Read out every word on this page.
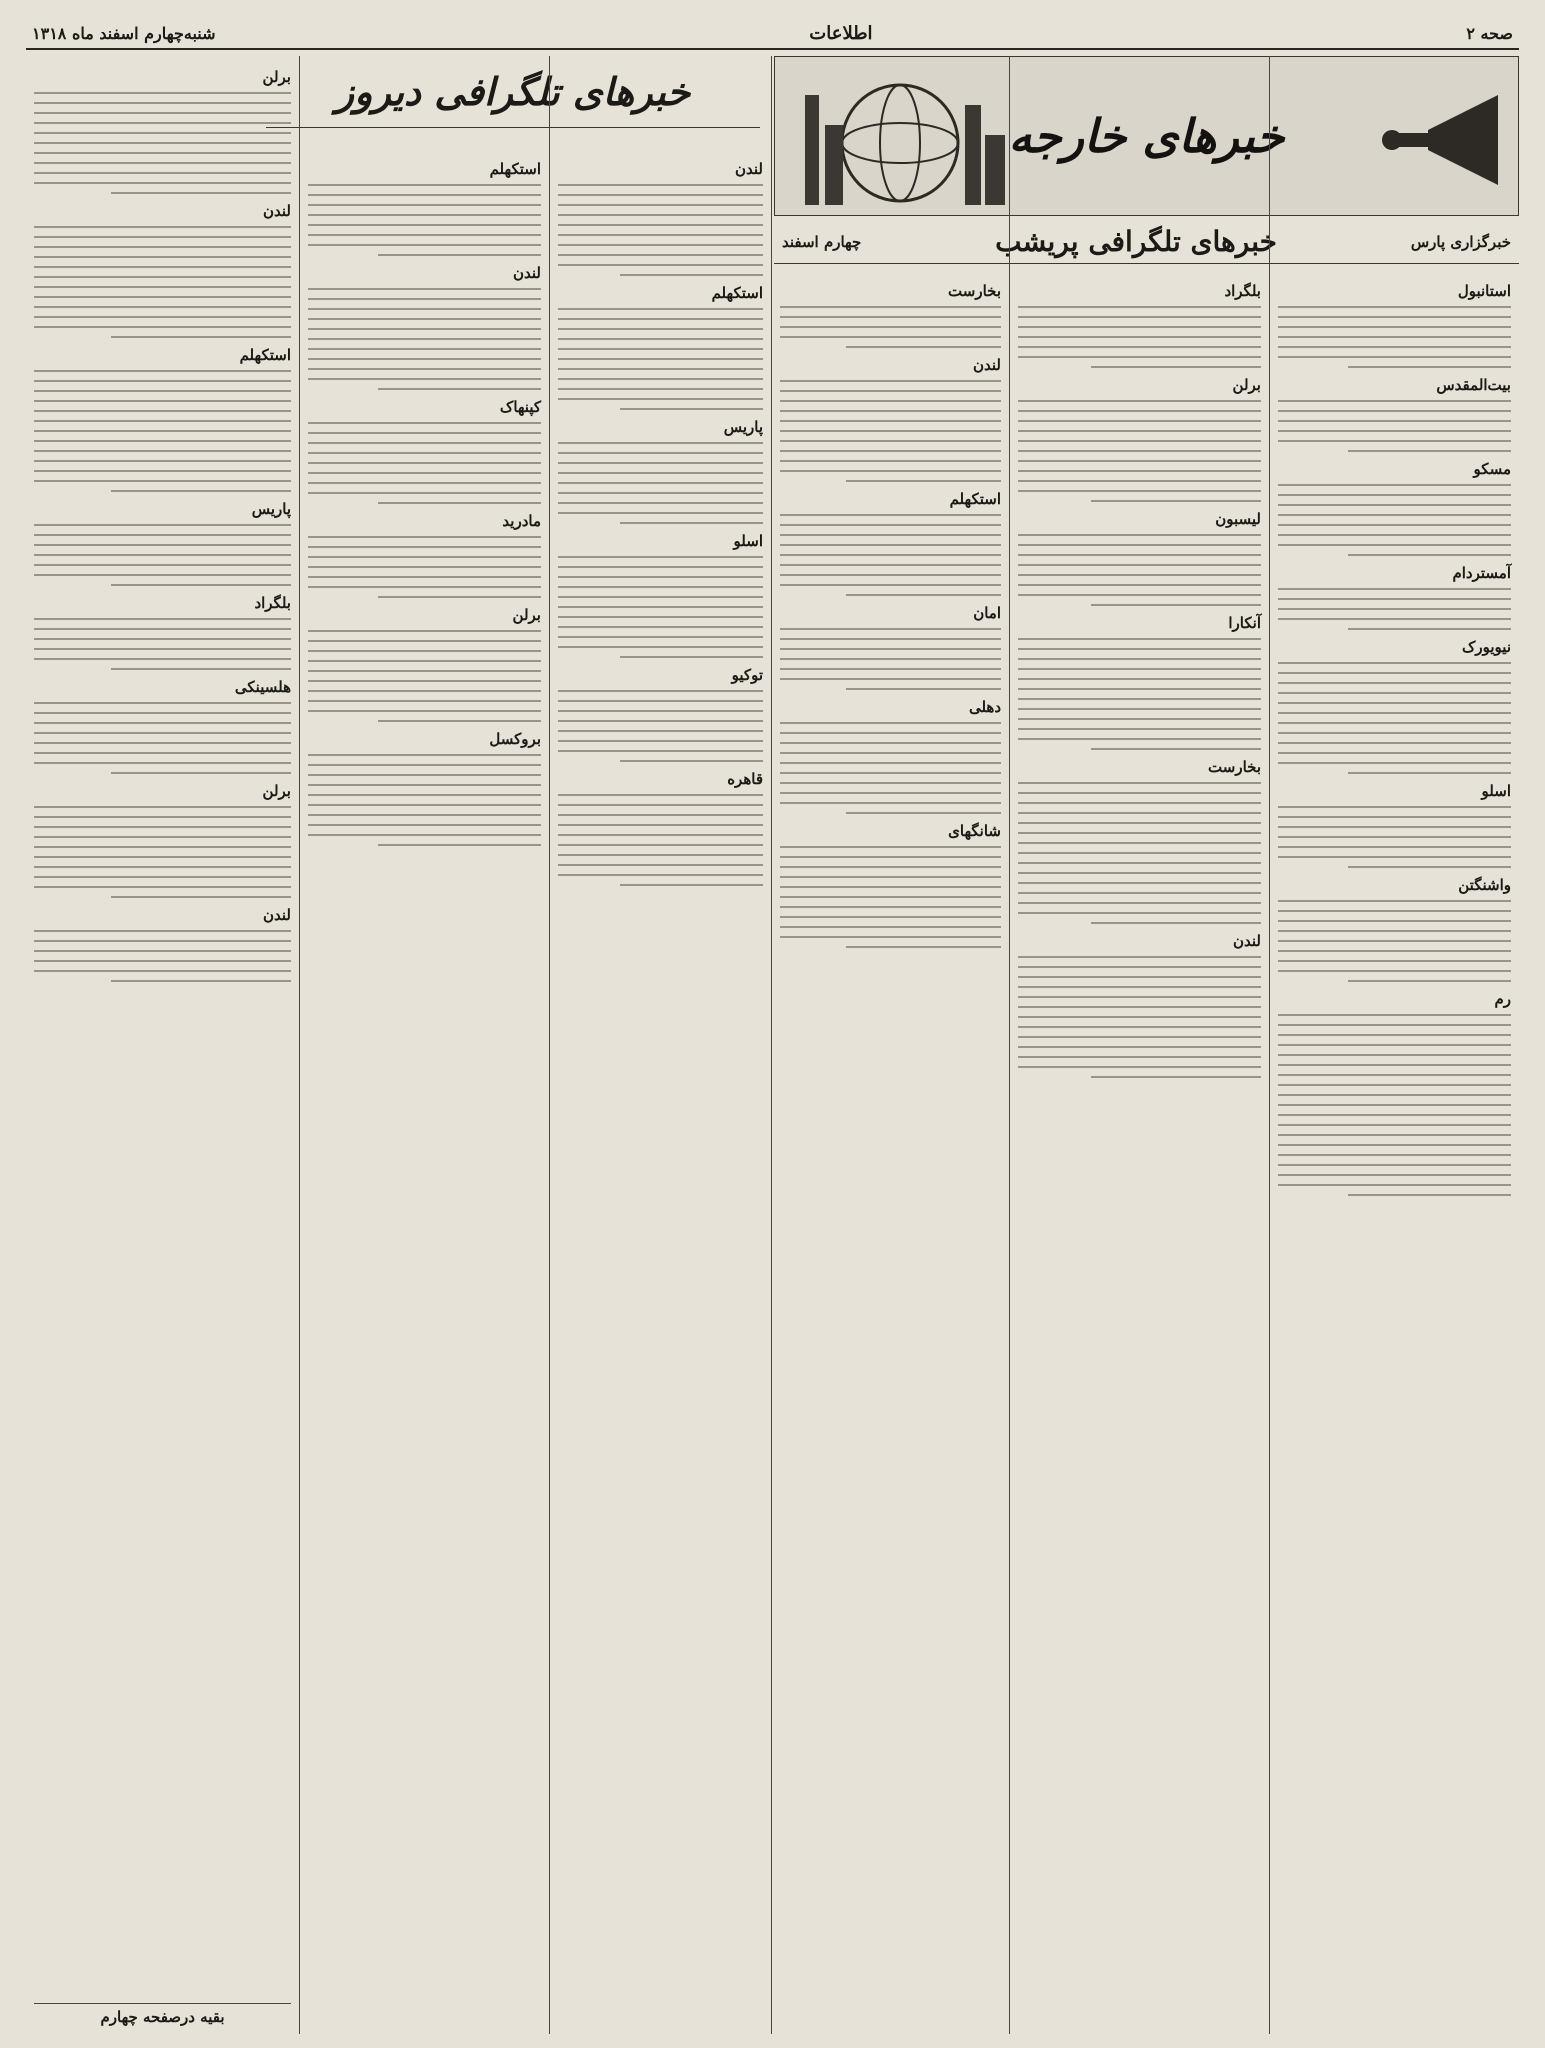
صحه ۲
اطلاعات
شنبه‌چهارم اسفند ماه ۱۳۱۸
خبرهای خارجه
خبرگزاری پارس
خبرهای تلگرافی پریشب
چهارم اسفند
خبرهای تلگرافی دیروز
استانبول
بیت‌المقدس
مسکو
آمستردام
نیویورک
اسلو
واشنگتن
رم
بلگراد
برلن
لیسبون
آنکارا
بخارست
لندن
بخارست
لندن
استکهلم
امان
دهلی
شانگهای
لندن
استکهلم
پاریس
اسلو
توکیو
قاهره
استکهلم
لندن
کپنهاک
مادرید
برلن
بروکسل
برلن
لندن
استکهلم
پاریس
بلگراد
هلسینکی
برلن
لندن
بقیه درصفحه چهارم
